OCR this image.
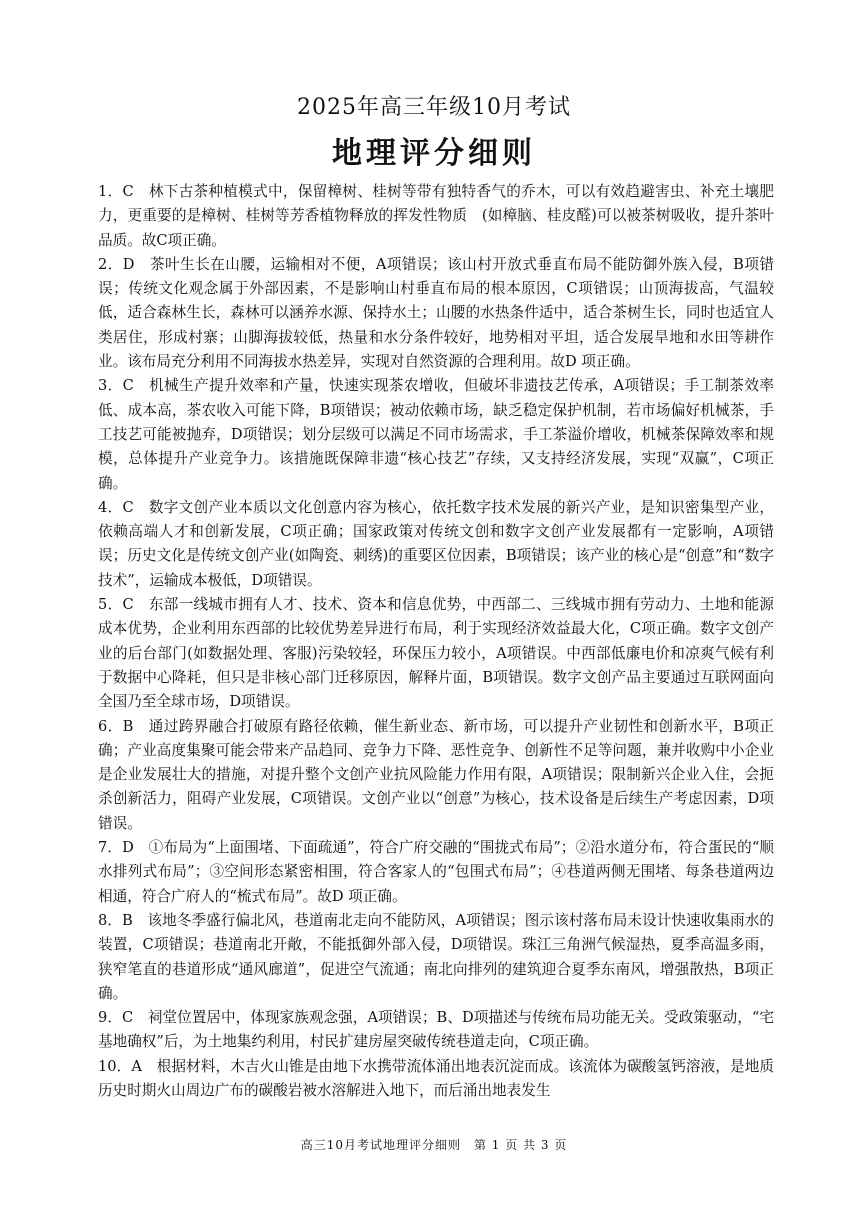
2025年高三年级10月考试
地理评分细则

1．C　林下古茶种植模式中，保留樟树、桂树等带有独特香气的乔木，可以有效趋避害虫、补充土壤肥力，更重要的是樟树、桂树等芳香植物释放的挥发性物质　(如樟脑、桂皮醛)可以被茶树吸收，提升茶叶品质。故C项正确。

2．D　茶叶生长在山腰，运输相对不便，A项错误；该山村开放式垂直布局不能防御外族入侵，B项错误；传统文化观念属于外部因素，不是影响山村垂直布局的根本原因，C项错误；山顶海拔高，气温较低，适合森林生长，森林可以涵养水源、保持水土；山腰的水热条件适中，适合茶树生长，同时也适宜人类居住，形成村寨；山脚海拔较低，热量和水分条件较好，地势相对平坦，适合发展旱地和水田等耕作业。该布局充分利用不同海拔水热差异，实现对自然资源的合理利用。故D 项正确。

3．C　机械生产提升效率和产量，快速实现茶农增收，但破坏非遗技艺传承，A项错误；手工制茶效率低、成本高，茶农收入可能下降，B项错误；被动依赖市场，缺乏稳定保护机制，若市场偏好机械茶，手工技艺可能被抛弃，D项错误；划分层级可以满足不同市场需求，手工茶溢价增收，机械茶保障效率和规模，总体提升产业竞争力。该措施既保障非遗“核心技艺”存续，又支持经济发展，实现“双赢”，C项正确。

4．C　数字文创产业本质以文化创意内容为核心，依托数字技术发展的新兴产业，是知识密集型产业，依赖高端人才和创新发展，C项正确；国家政策对传统文创和数字文创产业发展都有一定影响，A项错误；历史文化是传统文创产业(如陶瓷、刺绣)的重要区位因素，B项错误；该产业的核心是“创意”和“数字技术”，运输成本极低，D项错误。

5．C　东部一线城市拥有人才、技术、资本和信息优势，中西部二、三线城市拥有劳动力、土地和能源成本优势，企业利用东西部的比较优势差异进行布局，利于实现经济效益最大化，C项正确。数字文创产业的后台部门(如数据处理、客服)污染较轻，环保压力较小，A项错误。中西部低廉电价和凉爽气候有利于数据中心降耗，但只是非核心部门迁移原因，解释片面，B项错误。数字文创产品主要通过互联网面向全国乃至全球市场，D项错误。

6．B　通过跨界融合打破原有路径依赖，催生新业态、新市场，可以提升产业韧性和创新水平，B项正确；产业高度集聚可能会带来产品趋同、竞争力下降、恶性竞争、创新性不足等问题，兼并收购中小企业是企业发展壮大的措施，对提升整个文创产业抗风险能力作用有限，A项错误；限制新兴企业入住，会扼杀创新活力，阻碍产业发展，C项错误。文创产业以“创意”为核心，技术设备是后续生产考虑因素，D项错误。

7．D　①布局为“上面围堵、下面疏通”，符合广府交融的“围拢式布局”；②沿水道分布，符合蛋民的“顺水排列式布局”；③空间形态紧密相围，符合客家人的“包围式布局”；④巷道两侧无围堵、每条巷道两边相通，符合广府人的“梳式布局”。故D 项正确。

8．B　该地冬季盛行偏北风，巷道南北走向不能防风，A项错误；图示该村落布局未设计快速收集雨水的装置，C项错误；巷道南北开敞，不能抵御外部入侵，D项错误。珠江三角洲气候湿热，夏季高温多雨，狭窄笔直的巷道形成“通风廊道”，促进空气流通；南北向排列的建筑迎合夏季东南风，增强散热，B项正确。

9．C　祠堂位置居中，体现家族观念强，A项错误；B、D项描述与传统布局功能无关。受政策驱动，“宅基地确权”后，为土地集约利用，村民扩建房屋突破传统巷道走向，C项正确。

10．A　根据材料，木吉火山锥是由地下水携带流体涌出地表沉淀而成。该流体为碳酸氢钙溶液，是地质历史时期火山周边广布的碳酸岩被水溶解进入地下，而后涌出地表发生

高三10月考试地理评分细则　第 1 页 共 3 页
